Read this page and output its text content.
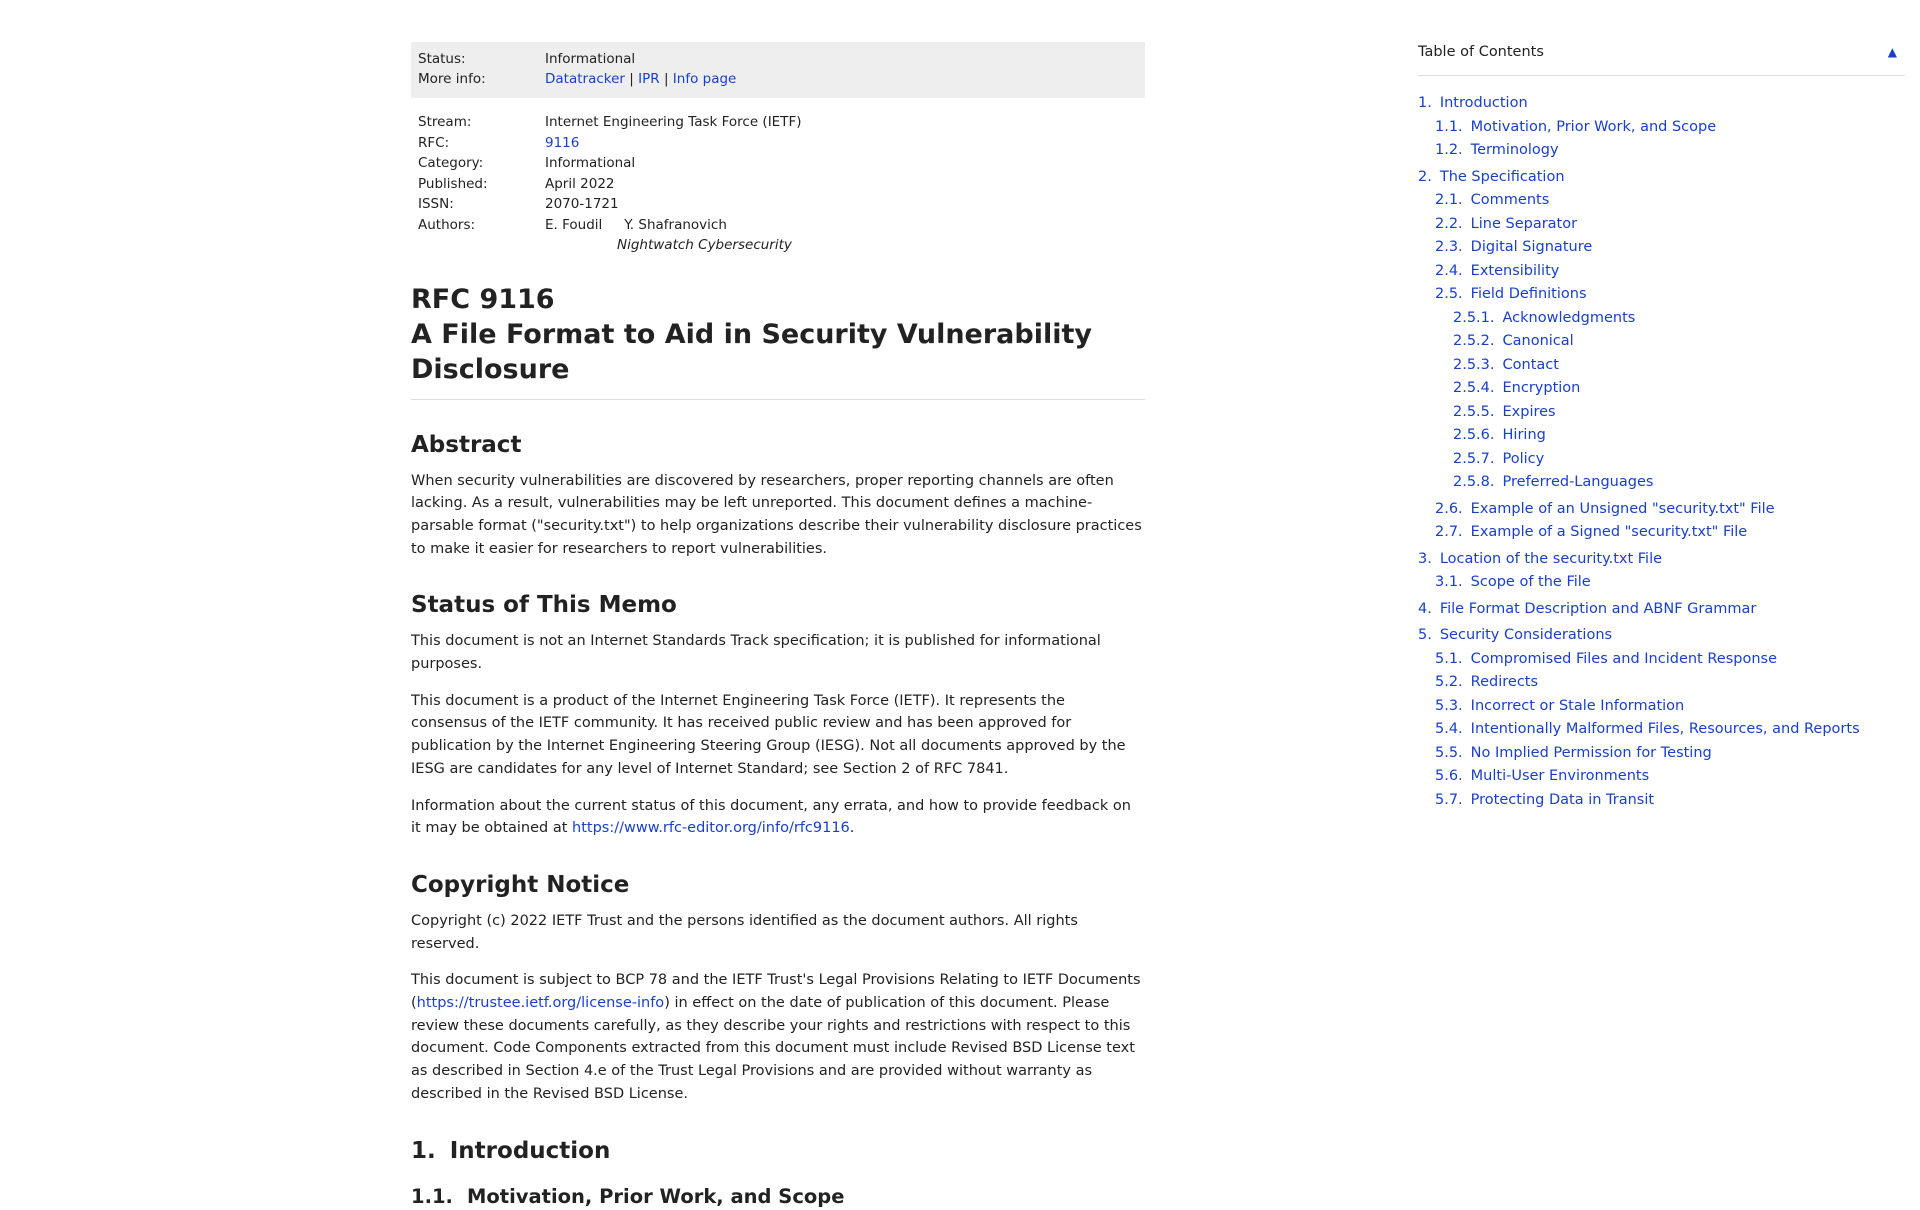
Status:	Informational
More info:	Datatracker | IPR | Info page
Stream:	Internet Engineering Task Force (IETF)
RFC:	9116
Category:	Informational
Published:	April 2022
ISSN:	2070-1721
Authors:	E. Foudil Y. Shafranovich
Nightwatch Cybersecurity
RFC 9116
A File Format to Aid in Security Vulnerability Disclosure
Abstract

When security vulnerabilities are discovered by researchers, proper reporting channels are often lacking. As a result, vulnerabilities may be left unreported. This document defines a machine-parsable format ("security.txt") to help organizations describe their vulnerability disclosure practices to make it easier for researchers to report vulnerabilities.

Status of This Memo

This document is not an Internet Standards Track specification; it is published for informational purposes.

This document is a product of the Internet Engineering Task Force (IETF). It represents the consensus of the IETF community. It has received public review and has been approved for publication by the Internet Engineering Steering Group (IESG). Not all documents approved by the IESG are candidates for any level of Internet Standard; see Section 2 of RFC 7841.

Information about the current status of this document, any errata, and how to provide feedback on it may be obtained at https://www.rfc-editor.org/info/rfc9116.

Copyright Notice

Copyright (c) 2022 IETF Trust and the persons identified as the document authors. All rights reserved.

This document is subject to BCP 78 and the IETF Trust's Legal Provisions Relating to IETF Documents (https://trustee.ietf.org/license-info) in effect on the date of publication of this document. Please review these documents carefully, as they describe your rights and restrictions with respect to this document. Code Components extracted from this document must include Revised BSD License text as described in Section 4.e of the Trust Legal Provisions and are provided without warranty as described in the Revised BSD License.

1. Introduction
1.1. Motivation, Prior Work, and Scope
Table of Contents	▲
1. Introduction
1.1. Motivation, Prior Work, and Scope
1.2. Terminology
2. The Specification
2.1. Comments
2.2. Line Separator
2.3. Digital Signature
2.4. Extensibility
2.5. Field Definitions
2.5.1. Acknowledgments
2.5.2. Canonical
2.5.3. Contact
2.5.4. Encryption
2.5.5. Expires
2.5.6. Hiring
2.5.7. Policy
2.5.8. Preferred-Languages
2.6. Example of an Unsigned "security.txt" File
2.7. Example of a Signed "security.txt" File
3. Location of the security.txt File
3.1. Scope of the File
4. File Format Description and ABNF Grammar
5. Security Considerations
5.1. Compromised Files and Incident Response
5.2. Redirects
5.3. Incorrect or Stale Information
5.4. Intentionally Malformed Files, Resources, and Reports
5.5. No Implied Permission for Testing
5.6. Multi-User Environments
5.7. Protecting Data in Transit
